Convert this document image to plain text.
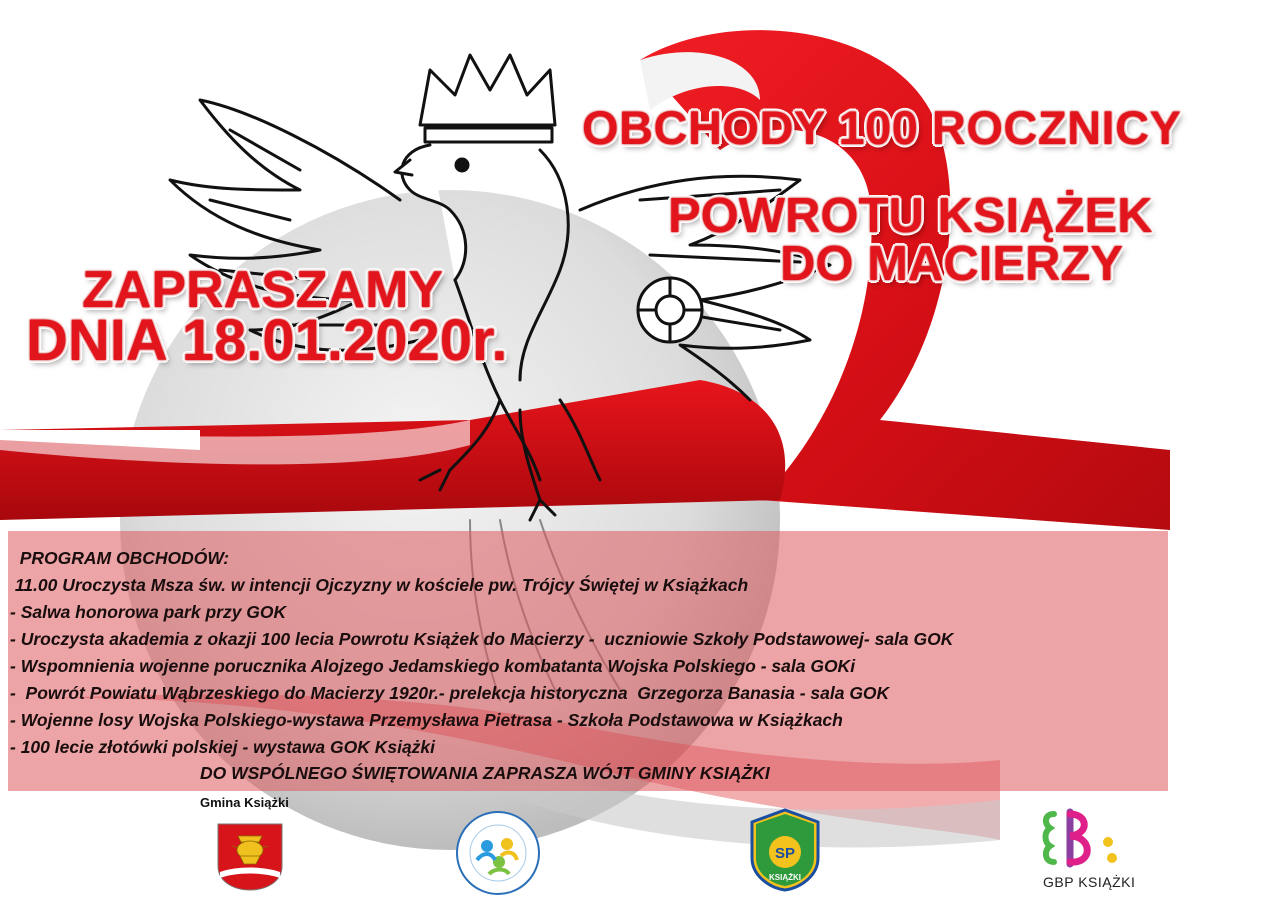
OBCHODY 100 ROCZNICY
POWROTU KSIĄŻEK
DO MACIERZY
ZAPRASZAMY
DNIA 18.01.2020r.
PROGRAM OBCHODÓW:
11.00 Uroczysta Msza św. w intencji Ojczyzny w kościele pw. Trójcy Świętej w Książkach
- Salwa honorowa park przy GOK
- Uroczysta akademia z okazji 100 lecia Powrotu Książek do Macierzy -  uczniowie Szkoły Podstawowej- sala GOK
- Wspomnienia wojenne porucznika Alojzego Jedamskiego kombatanta Wojska Polskiego - sala GOKi
-  Powrót Powiatu Wąbrzeskiego do Macierzy 1920r.- prelekcja historyczna  Grzegorza Banasia - sala GOK
- Wojenne losy Wojska Polskiego-wystawa Przemysława Pietrasa - Szkoła Podstawowa w Książkach
- 100 lecie złotówki polskiej - wystawa GOK Książki
DO WSPÓLNEGO ŚWIĘTOWANIA ZAPRASZA WÓJT GMINY KSIĄŻKI
Gmina Książki
SP
KSIĄŻKI	GBP KSIĄŻKI
